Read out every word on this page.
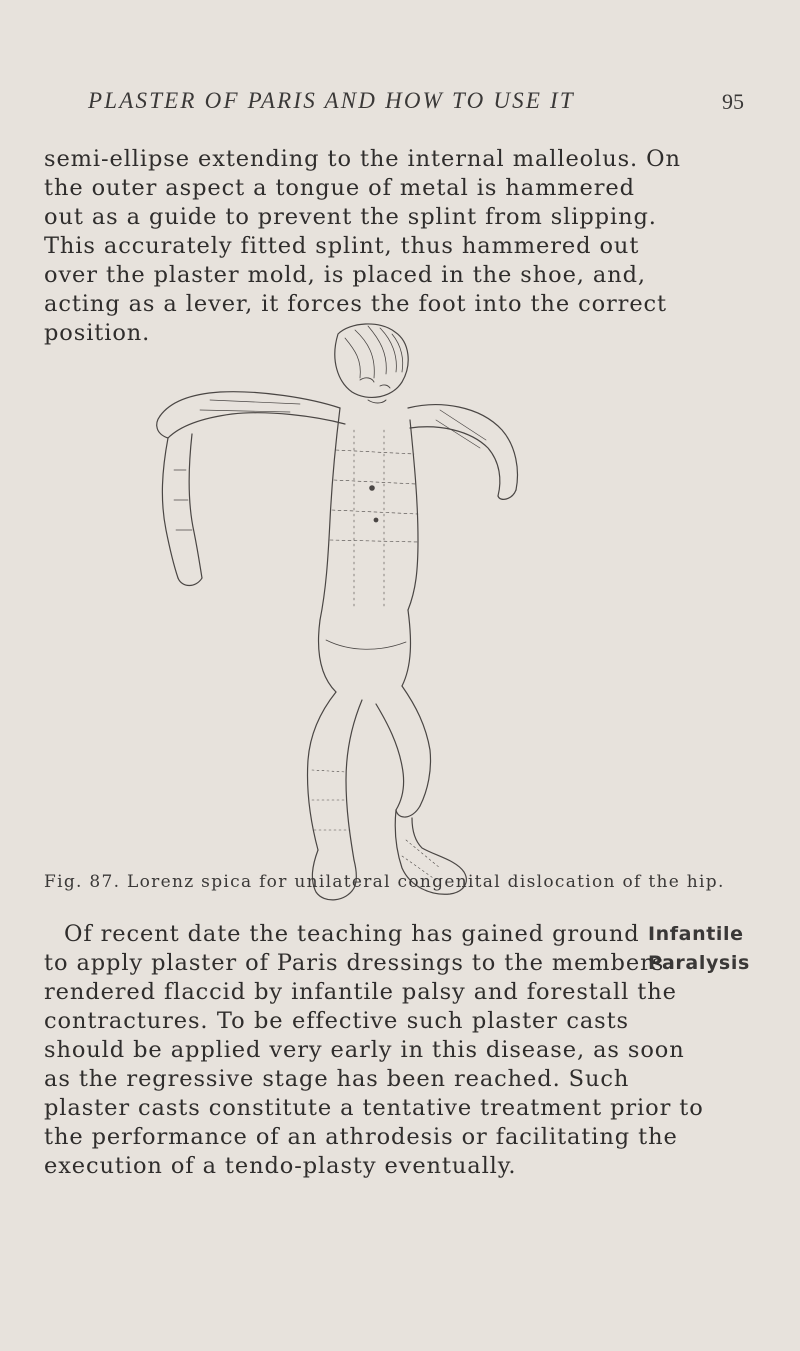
PLASTER OF PARIS AND HOW TO USE IT	95
semi-ellipse extending to the internal malleolus. On
the outer aspect a tongue of metal is hammered
out as a guide to prevent the splint from slipping.
This accurately fitted splint, thus hammered out
over the plaster mold, is placed in the shoe, and,
acting as a lever, it forces the foot into the correct
position.
Fig. 87. Lorenz spica for unilateral congenital dislocation of the hip.
Infantile
Paralysis
Of recent date the teaching has gained ground
to apply plaster of Paris dressings to the members
rendered flaccid by infantile palsy and forestall the
contractures. To be effective such plaster casts
should be applied very early in this disease, as soon
as the regressive stage has been reached. Such
plaster casts constitute a tentative treatment prior to
the performance of an athrodesis or facilitating the
execution of a tendo-plasty eventually.
